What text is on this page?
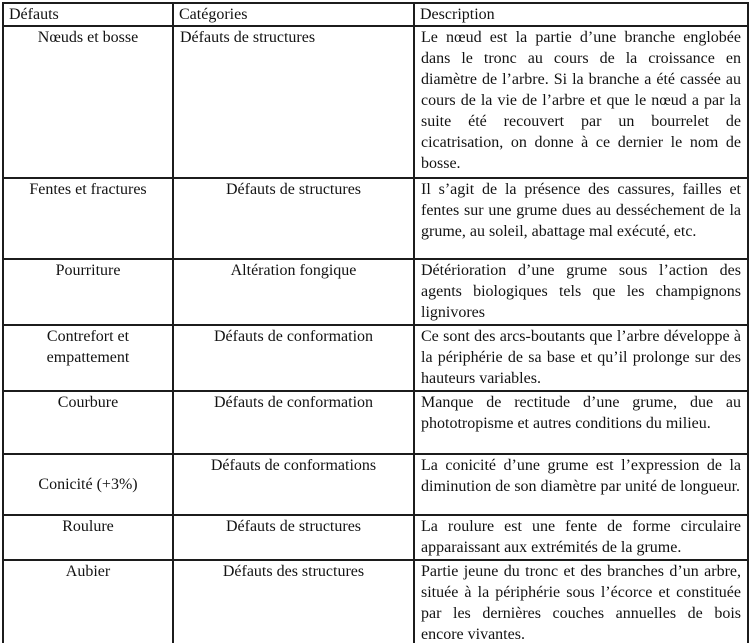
Défauts	Catégories	Description
Nœuds et bosse	Défauts de structures	Le nœud est la partie d’une branche englobée dans le tronc au cours de la croissance en diamètre de l’arbre. Si la branche a été cassée au cours de la vie de l’arbre et que le nœud a par la suite été recouvert par un bourrelet de cicatrisation, on donne à ce dernier le nom de bosse.
Fentes et fractures	Défauts de structures	Il s’agit de la présence des cassures, failles et fentes sur une grume dues au desséchement de la grume, au soleil, abattage mal exécuté, etc.
Pourriture	Altération fongique	Détérioration d’une grume sous l’action des agents biologiques tels que les champignons lignivores
Contrefort et empattement	Défauts de conformation	Ce sont des arcs-boutants que l’arbre développe à la périphérie de sa base et qu’il prolonge sur des hauteurs variables.
Courbure	Défauts de conformation	Manque de rectitude d’une grume, due au phototropisme et autres conditions du milieu.
Conicité (+3%)	Défauts de conformations	La conicité d’une grume est l’expression de la diminution de son diamètre par unité de longueur.
Roulure	Défauts de structures	La roulure est une fente de forme circulaire apparaissant aux extrémités de la grume.
Aubier	Défauts des structures	Partie jeune du tronc et des branches d’un arbre, située à la périphérie sous l’écorce et constituée par les dernières couches annuelles de bois encore vivantes.
